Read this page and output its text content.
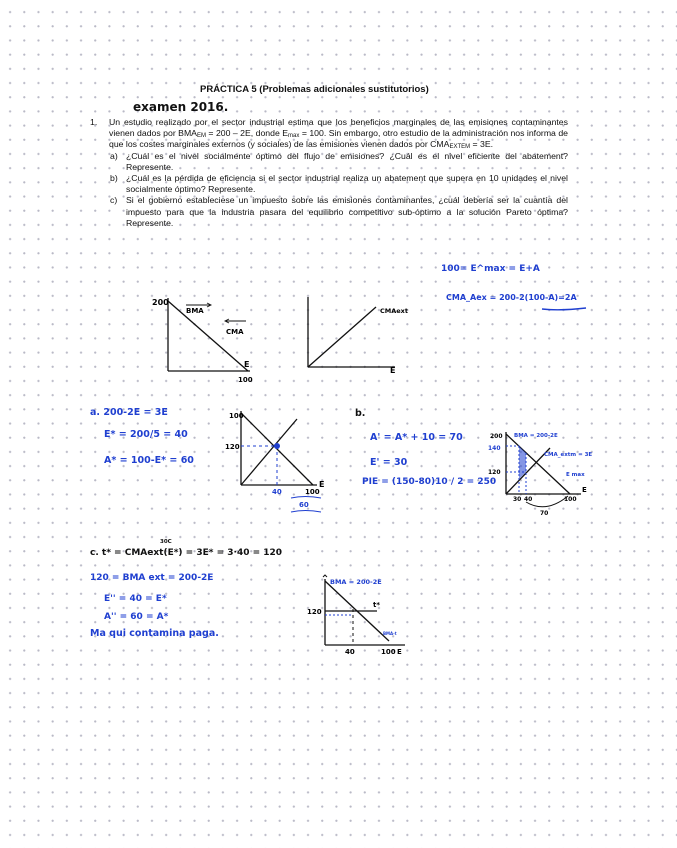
PRÁCTICA 5 (Problemas adicionales sustitutorios)
examen 2016.
1. Un estudio realizado por el sector industrial estima que los beneficios marginales de las emisiones contaminantes vienen dados por $BMA_{EM} = 200 - 2E$, donde $E_{max} = 100$. Sin embargo, otro estudio de la administración nos informa de que los costes marginales externos (y sociales) de las emisiones vienen dados por $CMA_{EXTEM} = 3E$.
a) ¿Cuál es el nivel socialmente óptimo del flujo de emisiones? ¿Cuál es el nivel eficiente del abatement? Represente.
b) ¿Cuál es la pérdida de eficiencia si el sector industrial realiza un abatement que supera en 10 unidades el nivel socialmente óptimo? Represente.
c) Si el gobierno estableciese un impuesto sobre las emisiones contaminantes, ¿cuál debería ser la cuantía del impuesto para que la industria pasara del equilibrio competitivo sub-óptimo a la solución Pareto óptima? Represente.
100= E^max = E+A
CMA_Aex = 200-2(100-A)=2A
200
BMA
CMA
E
100
CMAext
E
a. 200-2E = 3E
E* = 200/5 = 40
A* = 100-E* = 60
100
120
40	100
E
60
b.
A' = A* + 10 = 70
E' = 30
PIE = (150-80)10 / 2 = 250
200
140
120
BMA = 200-2E
CMA_extm = 3E
E max
30 40	100
70
E
c. t* = CMAext(E*) = 3E* = 3·40 = 120
30C
120 = BMA ext = 200-2E
E'' = 40 = E*
A'' = 60 = A*
Ma qui contamina paga.
BMA = 200-2E
120
t*
BMA-t
40	100 E
